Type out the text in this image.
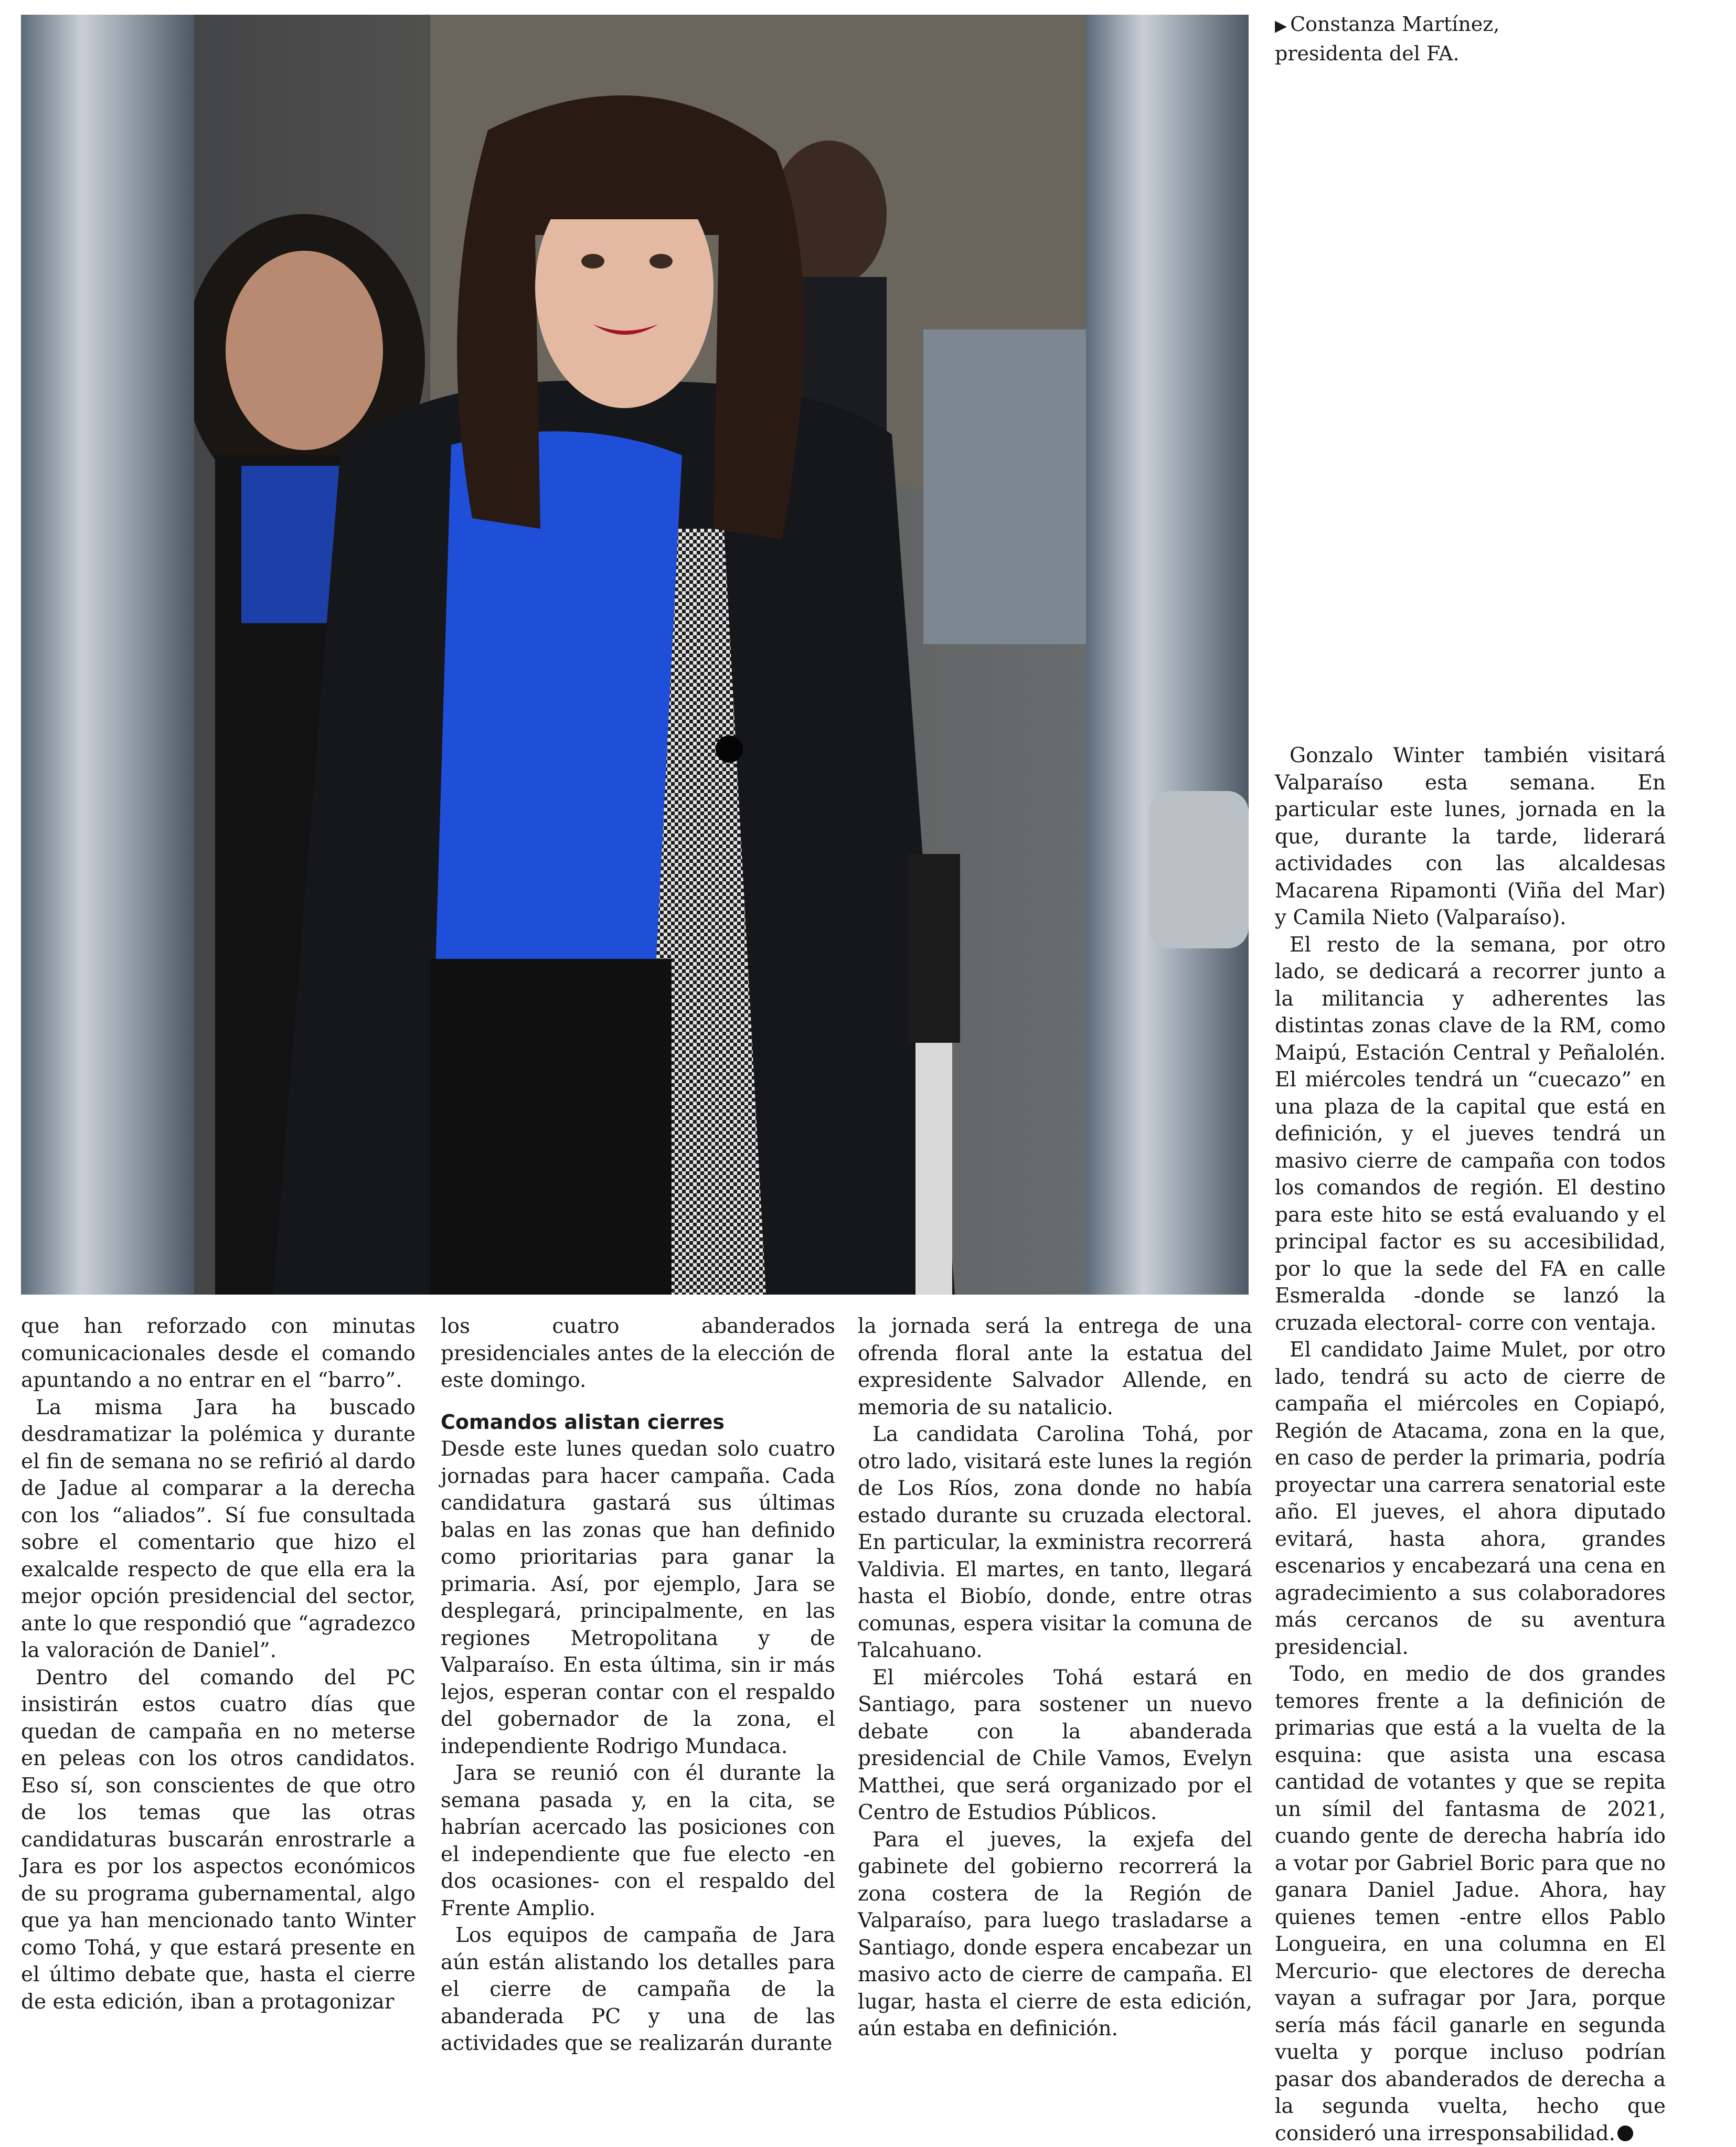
▶ Constanza Martínez, presidenta del FA.

que han reforzado con minutas comunicacionales desde el comando apuntando a no entrar en el “barro”.

La misma Jara ha buscado desdramatizar la polémica y durante el fin de semana no se refirió al dardo de Jadue al comparar a la derecha con los “aliados”. Sí fue consultada sobre el comentario que hizo el exalcalde respecto de que ella era la mejor opción presidencial del sector, ante lo que respondió que “agradezco la valoración de Daniel”.

Dentro del comando del PC insistirán estos cuatro días que quedan de campaña en no meterse en peleas con los otros candidatos. Eso sí, son conscientes de que otro de los temas que las otras candidaturas buscarán enrostrarle a Jara es por los aspectos económicos de su programa gubernamental, algo que ya han mencionado tanto Winter como Tohá, y que estará presente en el último debate que, hasta el cierre de esta edición, iban a protagonizar

los cuatro abanderados presidenciales antes de la elección de este domingo.

Comandos alistan cierres

Desde este lunes quedan solo cuatro jornadas para hacer campaña. Cada candidatura gastará sus últimas balas en las zonas que han definido como prioritarias para ganar la primaria. Así, por ejemplo, Jara se desplegará, principalmente, en las regiones Metropolitana y de Valparaíso. En esta última, sin ir más lejos, esperan contar con el respaldo del gobernador de la zona, el independiente Rodrigo Mundaca.

Jara se reunió con él durante la semana pasada y, en la cita, se habrían acercado las posiciones con el independiente que fue electo -en dos ocasiones- con el respaldo del Frente Amplio.

Los equipos de campaña de Jara aún están alistando los detalles para el cierre de campaña de la abanderada PC y una de las actividades que se realizarán durante

la jornada será la entrega de una ofrenda floral ante la estatua del expresidente Salvador Allende, en memoria de su natalicio.

La candidata Carolina Tohá, por otro lado, visitará este lunes la región de Los Ríos, zona donde no había estado durante su cruzada electoral. En particular, la exministra recorrerá Valdivia. El martes, en tanto, llegará hasta el Biobío, donde, entre otras comunas, espera visitar la comuna de Talcahuano.

El miércoles Tohá estará en Santiago, para sostener un nuevo debate con la abanderada presidencial de Chile Vamos, Evelyn Matthei, que será organizado por el Centro de Estudios Públicos.

Para el jueves, la exjefa del gabinete del gobierno recorrerá la zona costera de la Región de Valparaíso, para luego trasladarse a Santiago, donde espera encabezar un masivo acto de cierre de campaña. El lugar, hasta el cierre de esta edición, aún estaba en definición.

Gonzalo Winter también visitará Valparaíso esta semana. En particular este lunes, jornada en la que, durante la tarde, liderará actividades con las alcaldesas Macarena Ripamonti (Viña del Mar) y Camila Nieto (Valparaíso).

El resto de la semana, por otro lado, se dedicará a recorrer junto a la militancia y adherentes las distintas zonas clave de la RM, como Maipú, Estación Central y Peñalolén. El miércoles tendrá un “cuecazo” en una plaza de la capital que está en definición, y el jueves tendrá un masivo cierre de campaña con todos los comandos de región. El destino para este hito se está evaluando y el principal factor es su accesibilidad, por lo que la sede del FA en calle Esmeralda -donde se lanzó la cruzada electoral- corre con ventaja.

El candidato Jaime Mulet, por otro lado, tendrá su acto de cierre de campaña el miércoles en Copiapó, Región de Atacama, zona en la que, en caso de perder la primaria, podría proyectar una carrera senatorial este año. El jueves, el ahora diputado evitará, hasta ahora, grandes escenarios y encabezará una cena en agradecimiento a sus colaboradores más cercanos de su aventura presidencial.

Todo, en medio de dos grandes temores frente a la definición de primarias que está a la vuelta de la esquina: que asista una escasa cantidad de votantes y que se repita un símil del fantasma de 2021, cuando gente de derecha habría ido a votar por Gabriel Boric para que no ganara Daniel Jadue. Ahora, hay quienes temen -entre ellos Pablo Longueira, en una columna en El Mercurio- que electores de derecha vayan a sufragar por Jara, porque sería más fácil ganarle en segunda vuelta y porque incluso podrían pasar dos abanderados de derecha a la segunda vuelta, hecho que consideró una irresponsabilidad.
